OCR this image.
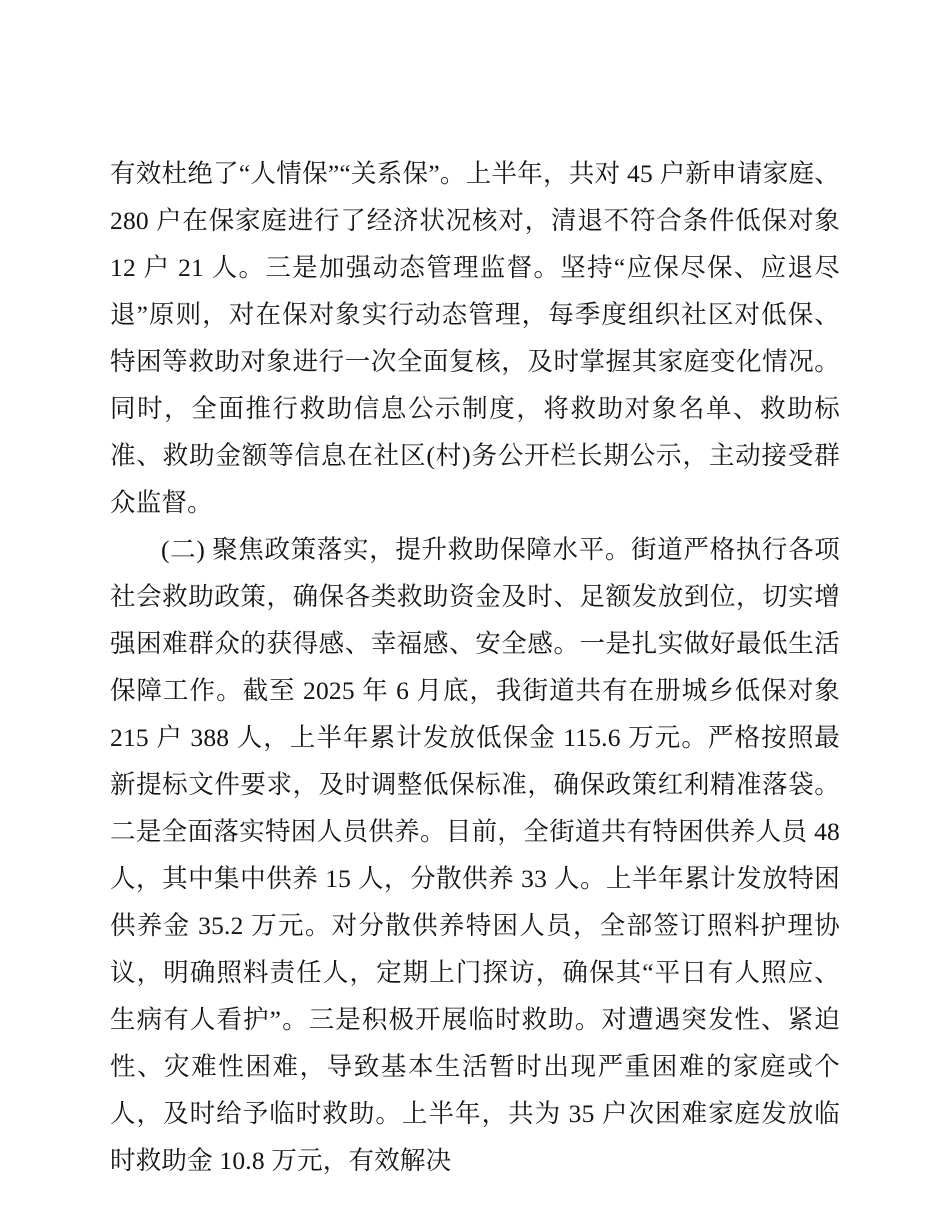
有效杜绝了“人情保”“关系保”。上半年，共对 45 户新申请家庭、280 户在保家庭进行了经济状况核对，清退不符合条件低保对象 12 户 21 人。三是加强动态管理监督。坚持“应保尽保、应退尽退”原则，对在保对象实行动态管理，每季度组织社区对低保、特困等救助对象进行一次全面复核，及时掌握其家庭变化情况。同时，全面推行救助信息公示制度，将救助对象名单、救助标准、救助金额等信息在社区(村)务公开栏长期公示，主动接受群众监督。

(二) 聚焦政策落实，提升救助保障水平。街道严格执行各项社会救助政策，确保各类救助资金及时、足额发放到位，切实增强困难群众的获得感、幸福感、安全感。一是扎实做好最低生活保障工作。截至 2025 年 6 月底，我街道共有在册城乡低保对象 215 户 388 人，上半年累计发放低保金 115.6 万元。严格按照最新提标文件要求，及时调整低保标准，确保政策红利精准落袋。二是全面落实特困人员供养。目前，全街道共有特困供养人员 48 人，其中集中供养 15 人，分散供养 33 人。上半年累计发放特困供养金 35.2 万元。对分散供养特困人员，全部签订照料护理协议，明确照料责任人，定期上门探访，确保其“平日有人照应、生病有人看护”。三是积极开展临时救助。对遭遇突发性、紧迫性、灾难性困难，导致基本生活暂时出现严重困难的家庭或个人，及时给予临时救助。上半年，共为 35 户次困难家庭发放临时救助金 10.8 万元，有效解决
